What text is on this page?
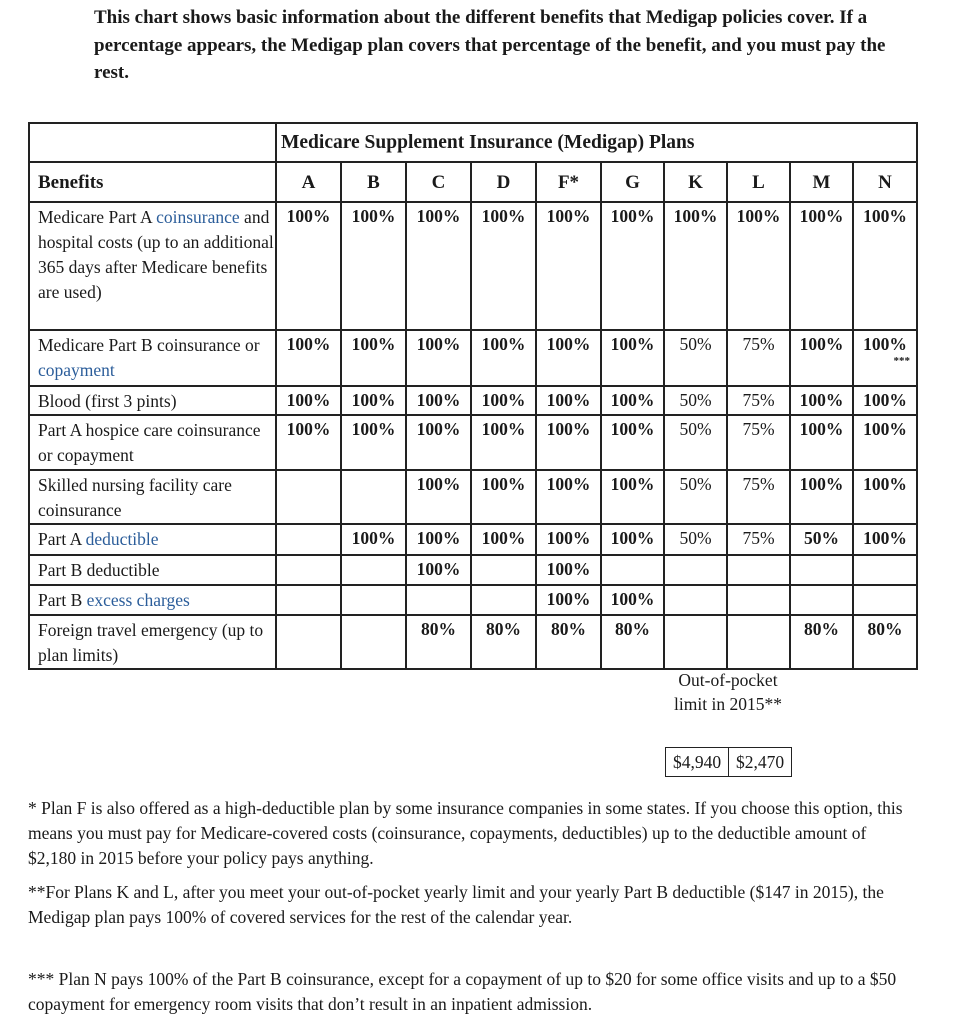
This chart shows basic information about the different benefits that Medigap policies cover. If a percentage appears, the Medigap plan covers that percentage of the benefit, and you must pay the rest.
	Medicare Supplement Insurance (Medigap) Plans									
Benefits	A	B	C	D	F*	G	K	L	M	N
Medicare Part A coinsurance and hospital costs (up to an additional 365 days after Medicare benefits are used)	100%	100%	100%	100%	100%	100%	100%	100%	100%	100%
Medicare Part B coinsurance or copayment	100%	100%	100%	100%	100%	100%	50%	75%	100%	100%
***

Blood (first 3 pints)	100%	100%	100%	100%	100%	100%	50%	75%	100%	100%
Part A hospice care coinsurance or copayment	100%	100%	100%	100%	100%	100%	50%	75%	100%	100%
Skilled nursing facility care coinsurance			100%	100%	100%	100%	50%	75%	100%	100%
Part A deductible		100%	100%	100%	100%	100%	50%	75%	50%	100%
Part B deductible			100%		100%					
Part B excess charges					100%	100%				
Foreign travel emergency (up to plan limits)			80%	80%	80%	80%			80%	80%
Out-of-pocket limit in 2015**
$4,940	$2,470
* Plan F is also offered as a high-deductible plan by some insurance companies in some states. If you choose this option, this means you must pay for Medicare-covered costs (coinsurance, copayments, deductibles) up to the deductible amount of $2,180 in 2015 before your policy pays anything.
**For Plans K and L, after you meet your out-of-pocket yearly limit and your yearly Part B deductible ($147 in 2015), the Medigap plan pays 100% of covered services for the rest of the calendar year.
*** Plan N pays 100% of the Part B coinsurance, except for a copayment of up to $20 for some office visits and up to a $50 copayment for emergency room visits that don’t result in an inpatient admission.
